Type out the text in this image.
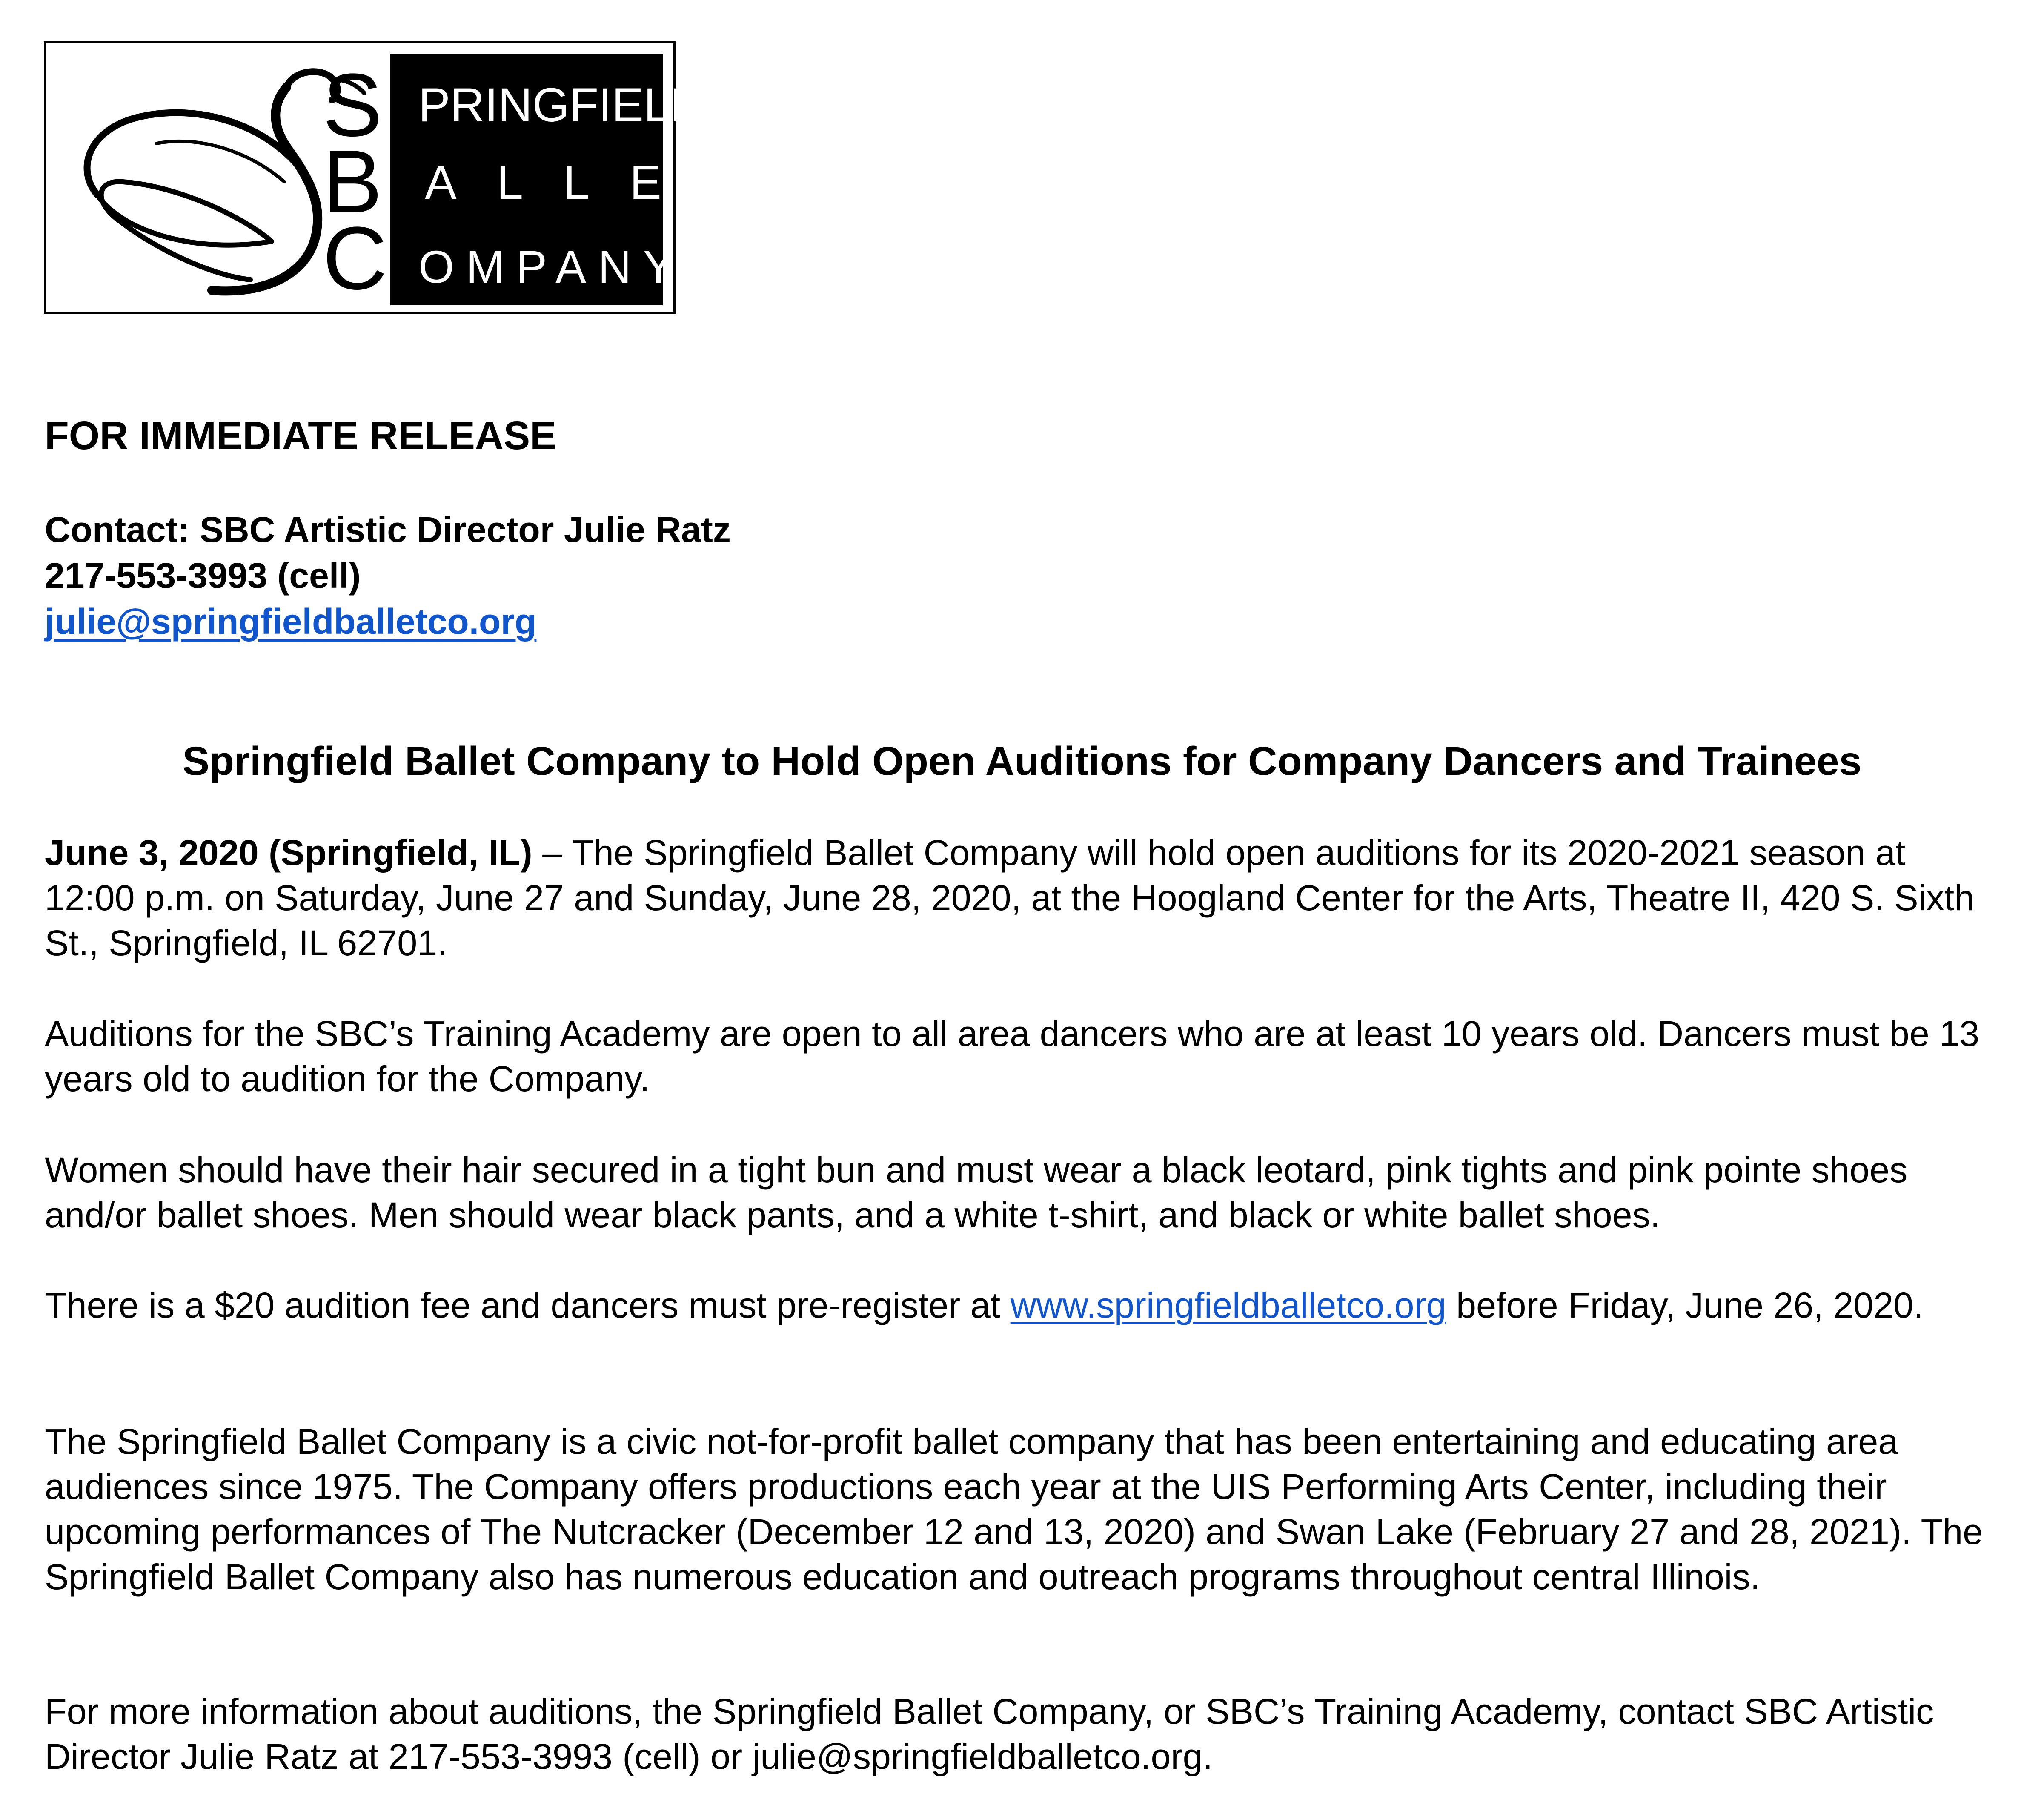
S PRINGFIELD
B ALLET
C OMPANY
FOR IMMEDIATE RELEASE
Contact: SBC Artistic Director Julie Ratz
217-553-3993 (cell)
julie@springfieldballetco.org
Springfield Ballet Company to Hold Open Auditions for Company Dancers and Trainees

June 3, 2020 (Springfield, IL) – The Springfield Ballet Company will hold open auditions for its 2020-2021 season at 12:00 p.m. on Saturday, June 27 and Sunday, June 28, 2020, at the Hoogland Center for the Arts, Theatre II, 420 S. Sixth St., Springfield, IL 62701.

Auditions for the SBC’s Training Academy are open to all area dancers who are at least 10 years old. Dancers must be 13 years old to audition for the Company.

Women should have their hair secured in a tight bun and must wear a black leotard, pink tights and pink pointe shoes and/or ballet shoes. Men should wear black pants, and a white t-shirt, and black or white ballet shoes.

There is a $20 audition fee and dancers must pre-register at www.springfieldballetco.org before Friday, June 26, 2020.

The Springfield Ballet Company is a civic not-for-profit ballet company that has been entertaining and educating area audiences since 1975. The Company offers productions each year at the UIS Performing Arts Center, including their upcoming performances of The Nutcracker (December 12 and 13, 2020) and Swan Lake (February 27 and 28, 2021). The Springfield Ballet Company also has numerous education and outreach programs throughout central Illinois.

For more information about auditions, the Springfield Ballet Company, or SBC’s Training Academy, contact SBC Artistic Director Julie Ratz at 217-553-3993 (cell) or julie@springfieldballetco.org.
